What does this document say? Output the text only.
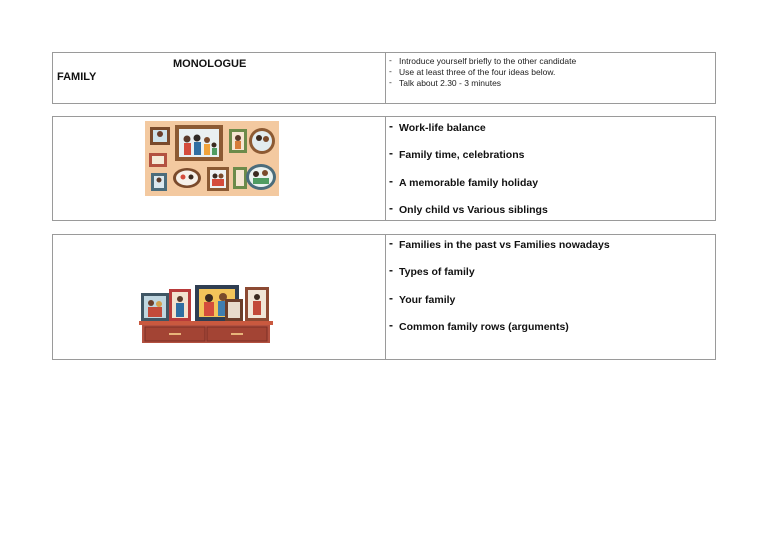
MONOLOGUE
FAMILY
- Introduce yourself briefly to the other candidate
- Use at least three of the four ideas below.
- Talk about 2.30 - 3 minutes
- Work-life balance
- Family time, celebrations
- A memorable family holiday
- Only child vs Various siblings
- Families in the past vs Families nowadays
- Types of family
- Your family
- Common family rows (arguments)
